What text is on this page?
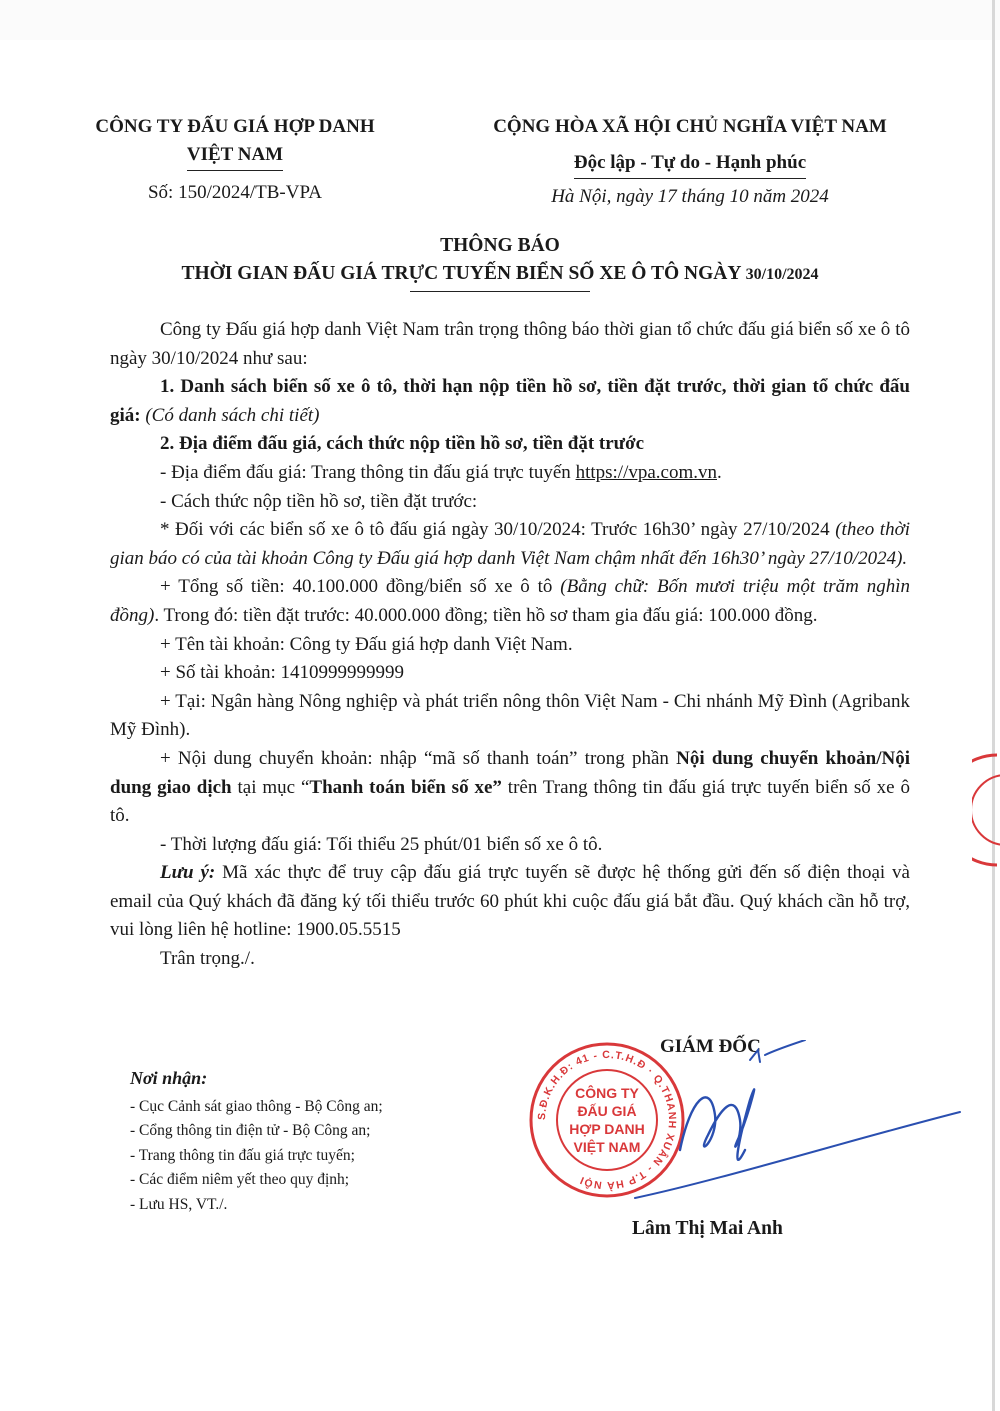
CÔNG TY ĐẤU GIÁ HỢP DANH
VIỆT NAM
Số: 150/2024/TB-VPA
CỘNG HÒA XÃ HỘI CHỦ NGHĨA VIỆT NAM
Độc lập - Tự do - Hạnh phúc
Hà Nội, ngày 17 tháng 10 năm 2024
THÔNG BÁO
THỜI GIAN ĐẤU GIÁ TRỰC TUYẾN BIỂN SỐ XE Ô TÔ NGÀY 30/10/2024

Công ty Đấu giá hợp danh Việt Nam trân trọng thông báo thời gian tổ chức đấu giá biển số xe ô tô ngày 30/10/2024 như sau:

1. Danh sách biển số xe ô tô, thời hạn nộp tiền hồ sơ, tiền đặt trước, thời gian tổ chức đấu giá: (Có danh sách chi tiết)

2. Địa điểm đấu giá, cách thức nộp tiền hồ sơ, tiền đặt trước

- Địa điểm đấu giá: Trang thông tin đấu giá trực tuyến https://vpa.com.vn.

- Cách thức nộp tiền hồ sơ, tiền đặt trước:

* Đối với các biển số xe ô tô đấu giá ngày 30/10/2024: Trước 16h30’ ngày 27/10/2024 (theo thời gian báo có của tài khoản Công ty Đấu giá hợp danh Việt Nam chậm nhất đến 16h30’ ngày 27/10/2024).

+ Tổng số tiền: 40.100.000 đồng/biển số xe ô tô (Bằng chữ: Bốn mươi triệu một trăm nghìn đồng). Trong đó: tiền đặt trước: 40.000.000 đồng; tiền hồ sơ tham gia đấu giá: 100.000 đồng.

+ Tên tài khoản: Công ty Đấu giá hợp danh Việt Nam.

+ Số tài khoản: 1410999999999

+ Tại: Ngân hàng Nông nghiệp và phát triển nông thôn Việt Nam - Chi nhánh Mỹ Đình (Agribank Mỹ Đình).

+ Nội dung chuyển khoản: nhập “mã số thanh toán” trong phần Nội dung chuyển khoản/Nội dung giao dịch tại mục “Thanh toán biển số xe” trên Trang thông tin đấu giá trực tuyến biển số xe ô tô.

- Thời lượng đấu giá: Tối thiểu 25 phút/01 biển số xe ô tô.

Lưu ý: Mã xác thực để truy cập đấu giá trực tuyến sẽ được hệ thống gửi đến số điện thoại và email của Quý khách đã đăng ký tối thiểu trước 60 phút khi cuộc đấu giá bắt đầu. Quý khách cần hỗ trợ, vui lòng liên hệ hotline: 1900.05.5515

Trân trọng./.

Nơi nhận:

- Cục Cảnh sát giao thông - Bộ Công an;

- Cổng thông tin điện tử - Bộ Công an;

- Trang thông tin đấu giá trực tuyến;

- Các điểm niêm yết theo quy định;

- Lưu HS, VT./.

S.Đ.K.H.Đ: 41 - C.T.H.Đ · Q.THANH XUÂN - T.P HÀ NỘI
CÔNG TY
ĐẤU GIÁ
HỢP DANH
VIỆT NAM
GIÁM ĐỐC
Lâm Thị Mai Anh
